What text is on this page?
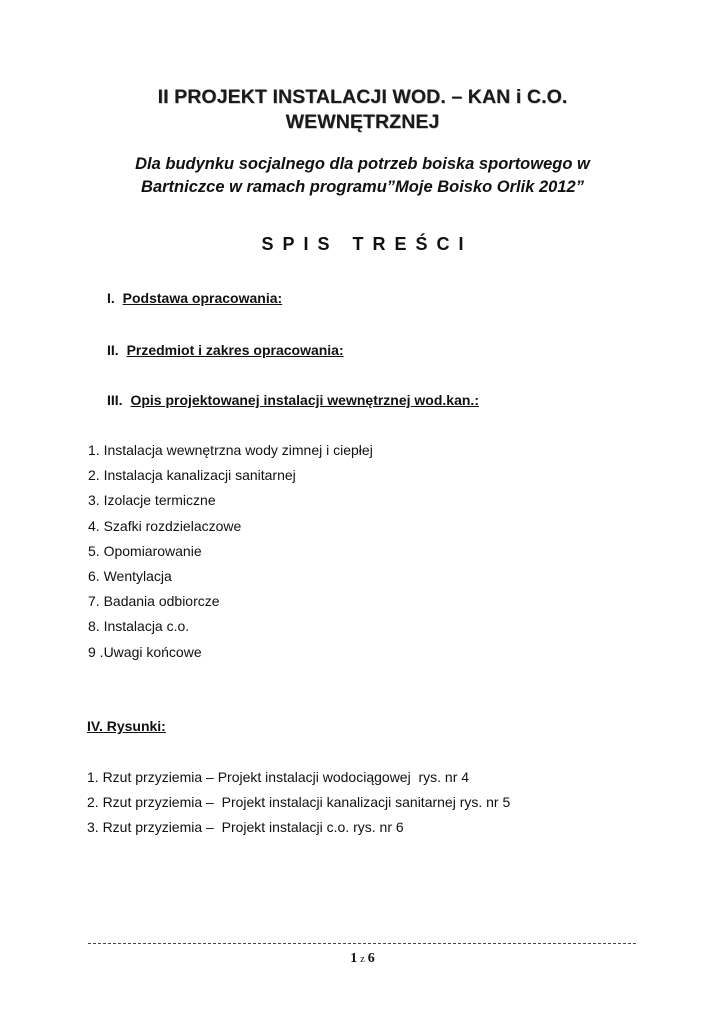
II PROJEKT INSTALACJI WOD. – KAN i C.O.
WEWNĘTRZNEJ
Dla budynku socjalnego dla potrzeb boiska sportowego w
Bartniczce w ramach programu”Moje Boisko Orlik 2012”
SPIS TREŚCI
I. Podstawa opracowania:
II. Przedmiot i zakres opracowania:
III. Opis projektowanej instalacji wewnętrznej wod.kan.:
1. Instalacja wewnętrzna wody zimnej i ciepłej
2. Instalacja kanalizacji sanitarnej
3. Izolacje termiczne
4. Szafki rozdzielaczowe
5. Opomiarowanie
6. Wentylacja
7. Badania odbiorcze
8. Instalacja c.o.
9 .Uwagi końcowe
IV. Rysunki:
1. Rzut przyziemia – Projekt instalacji wodociągowej  rys. nr 4
2. Rzut przyziemia –  Projekt instalacji kanalizacji sanitarnej rys. nr 5
3. Rzut przyziemia –  Projekt instalacji c.o. rys. nr 6
1 z 6
